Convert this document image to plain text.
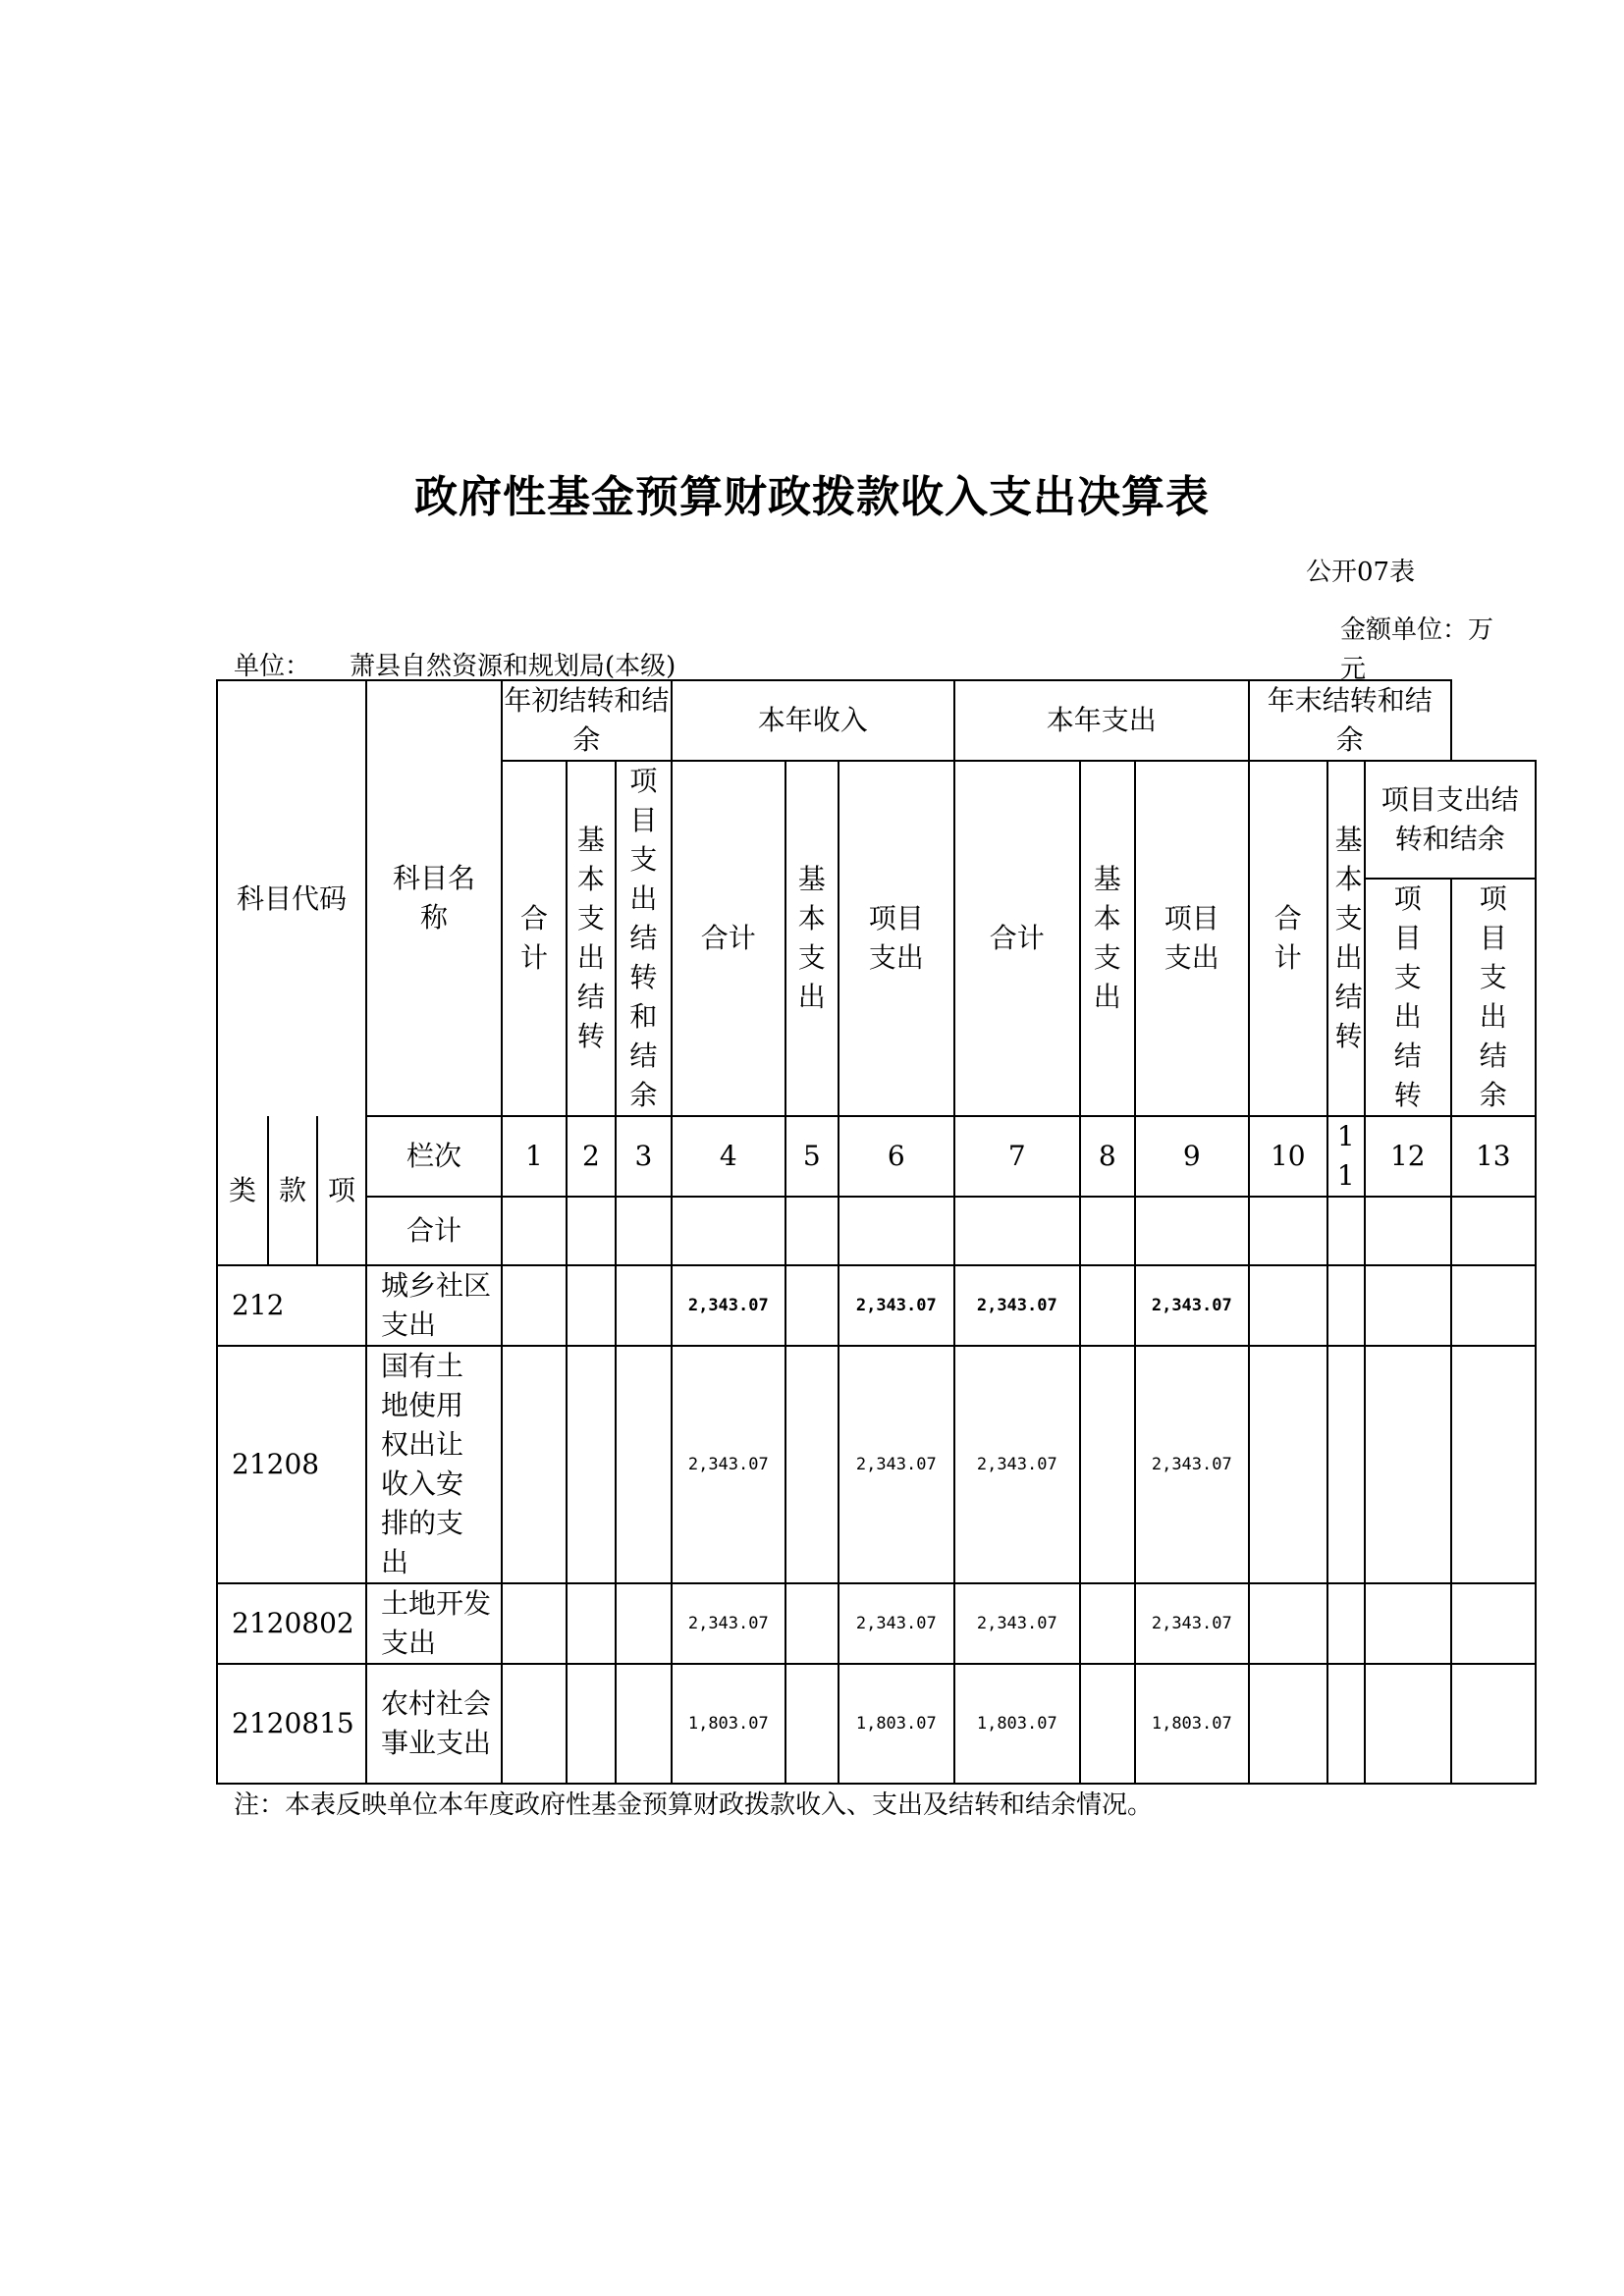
政府性基金预算财政拨款收入支出决算表
公开07表
金额单位：万元
单位： 萧县自然资源和规划局(本级)
科目代码			科目名称	年初结转和结余			本年收入			本年支出			年末结转和结余			
				合计	基本支出结转	项目支出结转和结余	合计	基本支出	项目支出	合计	基本支出	项目支出	合计	基本支出结转	项目支出结转和结余	
															项目支出结转	项目支出结余
类	款	项	栏次	1	2	3	4	5	6	7	8	9	10	11	12	13
			合计													
212			城乡社区支出				2,343.07		2,343.07	2,343.07		2,343.07				
21208			国有土地使用权出让收入安排的支出				2,343.07		2,343.07	2,343.07		2,343.07				
2120802			土地开发支出				2,343.07		2,343.07	2,343.07		2,343.07				
2120815			农村社会事业支出				1,803.07		1,803.07	1,803.07		1,803.07				
注：本表反映单位本年度政府性基金预算财政拨款收入、支出及结转和结余情况。
